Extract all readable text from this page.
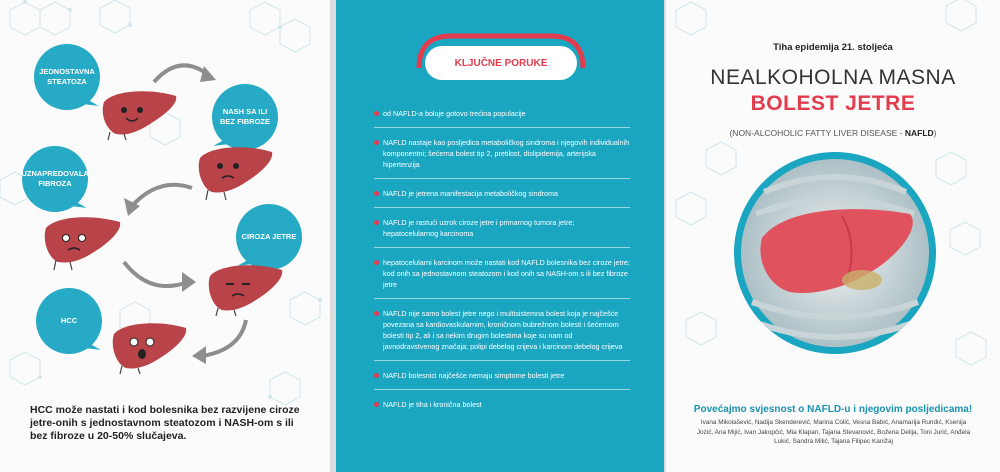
JEDNOSTAVNA STEATOZA
NASH SA ILI BEZ FIBROZE
UZNAPREDOVALA FIBROZA
CIROZA JETRE
HCC
HCC može nastati i kod bolesnika bez razvijene ciroze jetre-onih s jednostavnom steatozom i NASH-om s ili bez fibroze u 20-50% slučajeva.
KLJUČNE PORUKE
od NAFLD-a boluje gotovo trećina populacije
NAFLD nastaje kao posljedica metaboličkog sindroma i njegovih individualnih komponentni; šećerna bolest tip 2, pretilost, dislipidemija, arterijska hipertenzija
NAFLD je jetrena manifestacija metaboličkog sindroma
NAFLD je rastući uzrok ciroze jetre i primarnog tumora jetre; hepatocelularnog karcinoma
hepatocelularni karcinom može nastati kod NAFLD bolesnika bez ciroze jetre; kod onih sa jednostavnom steatozom i kod onih sa NASH-om s ili bez fibroze jetre
NAFLD nije samo bolest jetre nego i multisistemna bolest koja je najčešće povezana sa kardiovaskularnim, kroničnom bubrežnom bolesti i šećernom bolesti tip 2, ali i sa nekim drugim bolestima koje su nam od javnodravstvenog značaja; polipi debelog crijeva i karcinom debelog crijeva
NAFLD bolesnici najčešće nemaju simptome bolesti jetre
NAFLD je tiha i kronična bolest
Tiha epidemija 21. stoljeća
NEALKOHOLNA MASNA
BOLEST JETRE
(NON-ALCOHOLIC FATTY LIVER DISEASE - NAFLD)
Povećajmo svjesnost o NAFLD-u i njegovim posljedicama!
Ivana Mikolašević, Nadija Skenderević, Marina Colić, Vesna Babić, Anamarija Rundić, Ksenija Jozić, Ana Mijić, Ivan Jakopčić, Mia Klapan, Tajana Stevanović, Božena Delija, Toni Jurić, Anđela Lukić, Sandra Milić, Tajana Filipec Kanižaj
